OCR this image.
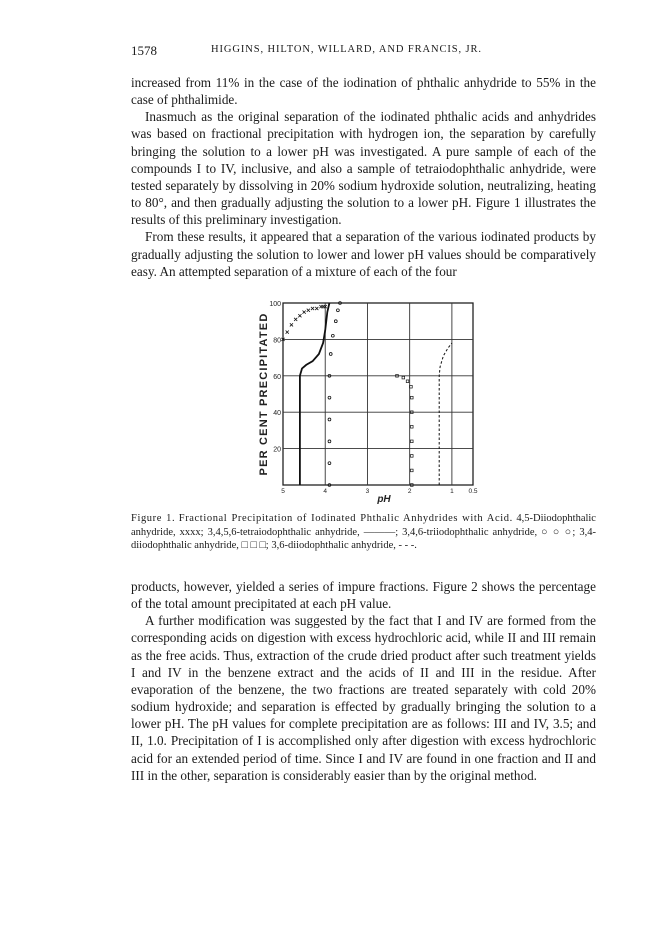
1578	HIGGINS, HILTON, WILLARD, AND FRANCIS, JR.

increased from 11% in the case of the iodination of phthalic anhydride to 55% in the case of phthalimide.

Inasmuch as the original separation of the iodinated phthalic acids and anhydrides was based on fractional precipitation with hydrogen ion, the separation by carefully bringing the solution to a lower pH was investigated. A pure sample of each of the compounds I to IV, inclusive, and also a sample of tetraiodophthalic anhydride, were tested separately by dissolving in 20% sodium hydroxide solution, neutralizing, heating to 80°, and then gradually adjusting the solution to a lower pH. Figure 1 illustrates the results of this preliminary investigation.

From these results, it appeared that a separation of the various iodinated products by gradually adjusting the solution to lower and lower pH values should be comparatively easy. An attempted separation of a mixture of each of the four

100
80
60
40
20
5	4	3	2	1 0.5
pH
PER CENT PRECIPITATED

Figure 1. Fractional Precipitation of Iodinated Phthalic Anhydrides with Acid. 4,5-Diiodophthalic anhydride, xxxx; 3,4,5,6-tetraiodophthalic anhydride, ———; 3,4,6-triiodophthalic anhydride, ○ ○ ○; 3,4-diiodophthalic anhydride, □ □ □; 3,6-diiodophthalic anhydride, - - -.

products, however, yielded a series of impure fractions. Figure 2 shows the percentage of the total amount precipitated at each pH value.

A further modification was suggested by the fact that I and IV are formed from the corresponding acids on digestion with excess hydrochloric acid, while II and III remain as the free acids. Thus, extraction of the crude dried product after such treatment yields I and IV in the benzene extract and the acids of II and III in the residue. After evaporation of the benzene, the two fractions are treated separately with cold 20% sodium hydroxide; and separation is effected by gradually bringing the solution to a lower pH. The pH values for complete precipitation are as follows: III and IV, 3.5; and II, 1.0. Precipitation of I is accomplished only after digestion with excess hydrochloric acid for an extended period of time. Since I and IV are found in one fraction and II and III in the other, separation is considerably easier than by the original method.
